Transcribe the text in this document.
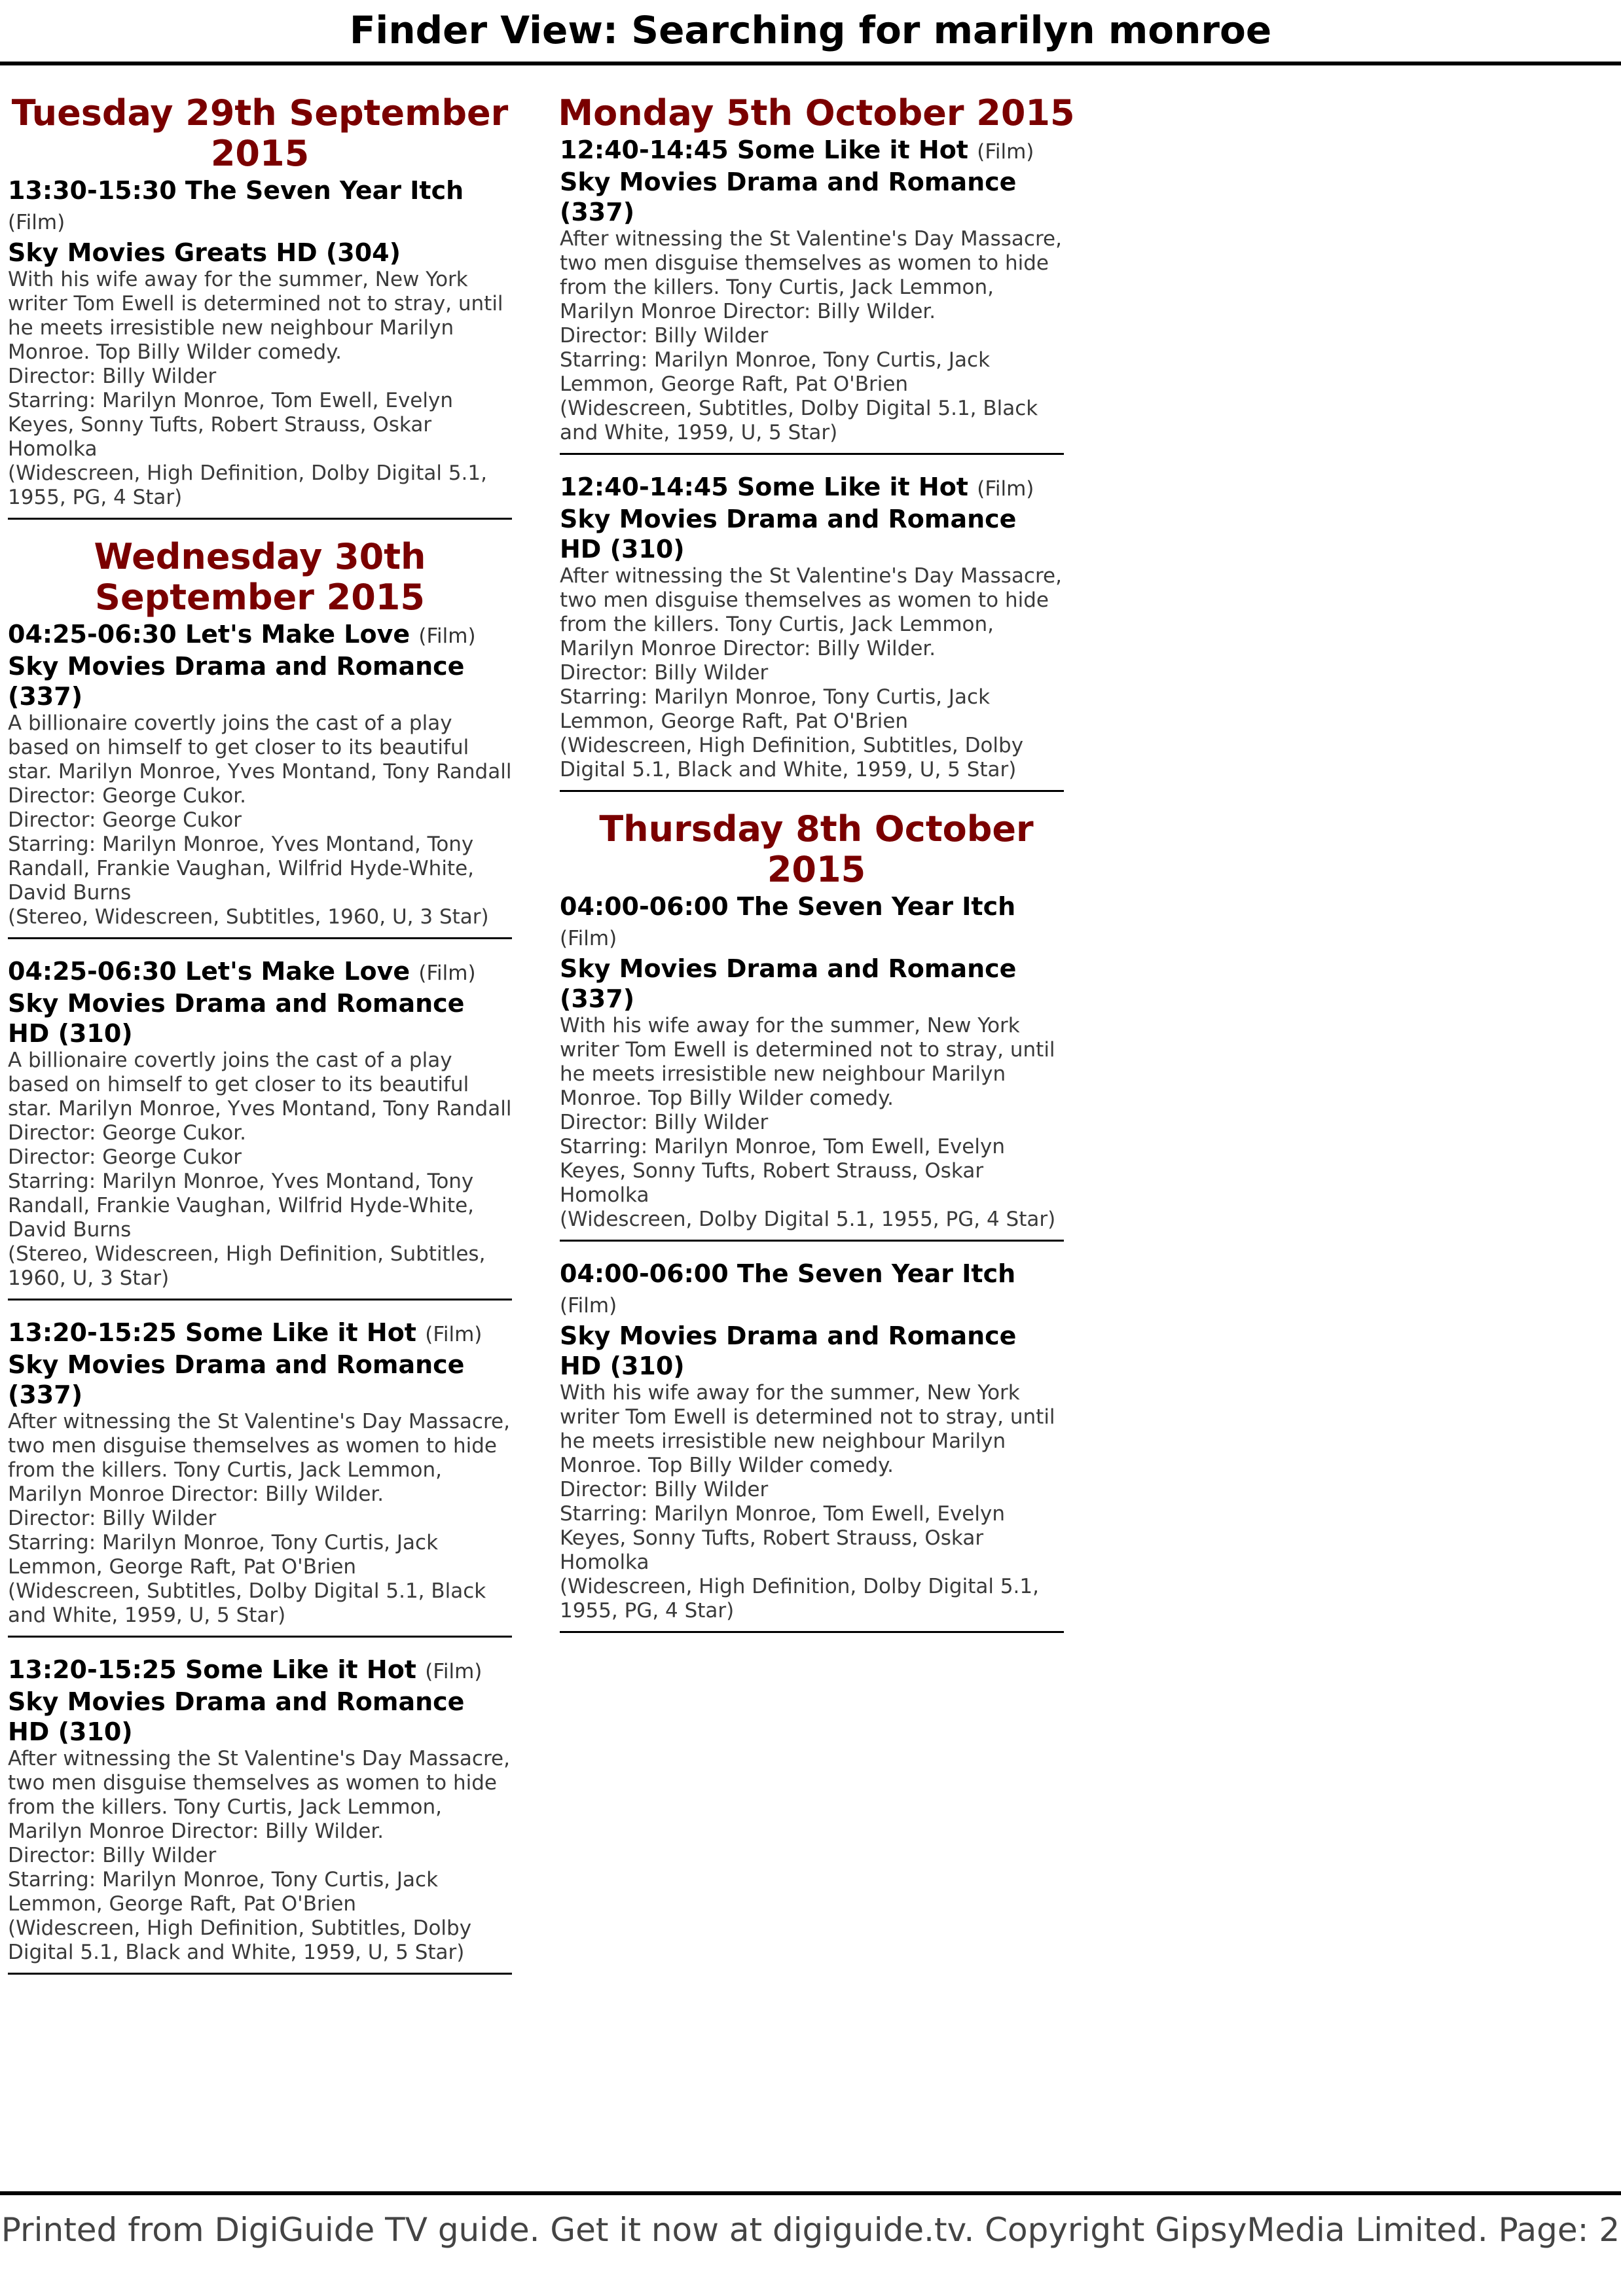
Finder View: Searching for marilyn monroe
Tuesday 29th September 2015
13:30-15:30 The Seven Year Itch (Film)
Sky Movies Greats HD (304)
With his wife away for the summer, New York writer Tom Ewell is determined not to stray, until he meets irresistible new neighbour Marilyn Monroe. Top Billy Wilder comedy.
Director: Billy Wilder
Starring: Marilyn Monroe, Tom Ewell, Evelyn Keyes, Sonny Tufts, Robert Strauss, Oskar Homolka
(Widescreen, High Definition, Dolby Digital 5.1, 1955, PG, 4 Star)
Wednesday 30th September 2015
04:25-06:30 Let's Make Love (Film)
Sky Movies Drama and Romance (337)
A billionaire covertly joins the cast of a play based on himself to get closer to its beautiful star. Marilyn Monroe, Yves Montand, Tony Randall Director: George Cukor.
Director: George Cukor
Starring: Marilyn Monroe, Yves Montand, Tony Randall, Frankie Vaughan, Wilfrid Hyde-White, David Burns
(Stereo, Widescreen, Subtitles, 1960, U, 3 Star)
04:25-06:30 Let's Make Love (Film)
Sky Movies Drama and Romance HD (310)
A billionaire covertly joins the cast of a play based on himself to get closer to its beautiful star. Marilyn Monroe, Yves Montand, Tony Randall Director: George Cukor.
Director: George Cukor
Starring: Marilyn Monroe, Yves Montand, Tony Randall, Frankie Vaughan, Wilfrid Hyde-White, David Burns
(Stereo, Widescreen, High Definition, Subtitles, 1960, U, 3 Star)
13:20-15:25 Some Like it Hot (Film)
Sky Movies Drama and Romance (337)
After witnessing the St Valentine's Day Massacre, two men disguise themselves as women to hide from the killers. Tony Curtis, Jack Lemmon, Marilyn Monroe Director: Billy Wilder.
Director: Billy Wilder
Starring: Marilyn Monroe, Tony Curtis, Jack Lemmon, George Raft, Pat O'Brien
(Widescreen, Subtitles, Dolby Digital 5.1, Black and White, 1959, U, 5 Star)
13:20-15:25 Some Like it Hot (Film)
Sky Movies Drama and Romance HD (310)
After witnessing the St Valentine's Day Massacre, two men disguise themselves as women to hide from the killers. Tony Curtis, Jack Lemmon, Marilyn Monroe Director: Billy Wilder.
Director: Billy Wilder
Starring: Marilyn Monroe, Tony Curtis, Jack Lemmon, George Raft, Pat O'Brien
(Widescreen, High Definition, Subtitles, Dolby Digital 5.1, Black and White, 1959, U, 5 Star)
Monday 5th October 2015
12:40-14:45 Some Like it Hot (Film)
Sky Movies Drama and Romance (337)
After witnessing the St Valentine's Day Massacre, two men disguise themselves as women to hide from the killers. Tony Curtis, Jack Lemmon, Marilyn Monroe Director: Billy Wilder.
Director: Billy Wilder
Starring: Marilyn Monroe, Tony Curtis, Jack Lemmon, George Raft, Pat O'Brien
(Widescreen, Subtitles, Dolby Digital 5.1, Black and White, 1959, U, 5 Star)
12:40-14:45 Some Like it Hot (Film)
Sky Movies Drama and Romance HD (310)
After witnessing the St Valentine's Day Massacre, two men disguise themselves as women to hide from the killers. Tony Curtis, Jack Lemmon, Marilyn Monroe Director: Billy Wilder.
Director: Billy Wilder
Starring: Marilyn Monroe, Tony Curtis, Jack Lemmon, George Raft, Pat O'Brien
(Widescreen, High Definition, Subtitles, Dolby Digital 5.1, Black and White, 1959, U, 5 Star)
Thursday 8th October 2015
04:00-06:00 The Seven Year Itch (Film)
Sky Movies Drama and Romance (337)
With his wife away for the summer, New York writer Tom Ewell is determined not to stray, until he meets irresistible new neighbour Marilyn Monroe. Top Billy Wilder comedy.
Director: Billy Wilder
Starring: Marilyn Monroe, Tom Ewell, Evelyn Keyes, Sonny Tufts, Robert Strauss, Oskar Homolka
(Widescreen, Dolby Digital 5.1, 1955, PG, 4 Star)
04:00-06:00 The Seven Year Itch (Film)
Sky Movies Drama and Romance HD (310)
With his wife away for the summer, New York writer Tom Ewell is determined not to stray, until he meets irresistible new neighbour Marilyn Monroe. Top Billy Wilder comedy.
Director: Billy Wilder
Starring: Marilyn Monroe, Tom Ewell, Evelyn Keyes, Sonny Tufts, Robert Strauss, Oskar Homolka
(Widescreen, High Definition, Dolby Digital 5.1, 1955, PG, 4 Star)
Printed from DigiGuide TV guide. Get it now at digiguide.tv. Copyright GipsyMedia Limited. Page: 2
